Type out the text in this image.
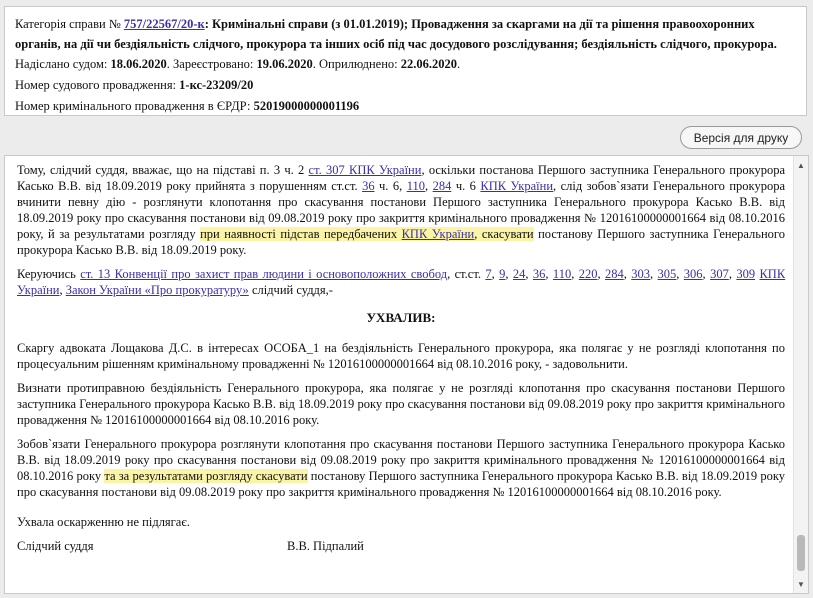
Категорія справи № 757/22567/20-к: Кримінальні справи (з 01.01.2019); Провадження за скаргами на дії та рішення правоохоронних органів, на дії чи бездіяльність слідчого, прокурора та інших осіб під час досудового розслідування; бездіяльність слідчого, прокурора.

Надіслано судом: 18.06.2020. Зареєстровано: 19.06.2020. Оприлюднено: 22.06.2020.

Номер судового провадження: 1-кс-23209/20

Номер кримінального провадження в ЄРДР: 52019000000001196

Версія для друку

Тому, слідчий суддя, вважає, що на підставі п. 3 ч. 2 ст. 307 КПК України, оскільки постанова Першого заступника Генерального прокурора Касько В.В. від 18.09.2019 року прийнята з порушенням ст.ст. 36 ч. 6, 110, 284 ч. 6 КПК України, слід зобов`язати Генерального прокурора вчинити певну дію - розглянути клопотання про скасування постанови Першого заступника Генерального прокурора Касько В.В. від 18.09.2019 року про скасування постанови від 09.08.2019 року про закриття кримінального провадження № 12016100000001664 від 08.10.2016 року, й за результатами розгляду при наявності підстав передбачених КПК України, скасувати постанову Першого заступника Генерального прокурора Касько В.В. від 18.09.2019 року.

Керуючись ст. 13 Конвенції про захист прав людини і основоположних свобод, ст.ст. 7, 9, 24, 36, 110, 220, 284, 303, 305, 306, 307, 309 КПК України, Закон України «Про прокуратуру» слідчий суддя,-

УХВАЛИВ:

Скаргу адвоката Лощакова Д.С. в інтересах ОСОБА_1 на бездіяльність Генерального прокурора, яка полягає у не розгляді клопотання по процесуальним рішенням кримінальному провадженні № 12016100000001664 від 08.10.2016 року, - задовольнити.

Визнати протиправною бездіяльність Генерального прокурора, яка полягає у не розгляді клопотання про скасування постанови Першого заступника Генерального прокурора Касько В.В. від 18.09.2019 року про скасування постанови від 09.08.2019 року про закриття кримінального провадження № 12016100000001664 від 08.10.2016 року.

Зобов`язати Генерального прокурора розглянути клопотання про скасування постанови Першого заступника Генерального прокурора Касько В.В. від 18.09.2019 року про скасування постанови від 09.08.2019 року про закриття кримінального провадження № 12016100000001664 від 08.10.2016 року та за результатами розгляду скасувати постанову Першого заступника Генерального прокурора Касько В.В. від 18.09.2019 року про скасування постанови від 09.08.2019 року про закриття кримінального провадження № 12016100000001664 від 08.10.2016 року.

Ухвала оскарженню не підлягає.

Слідчий суддя	В.В. Підпалий
▲
▼
